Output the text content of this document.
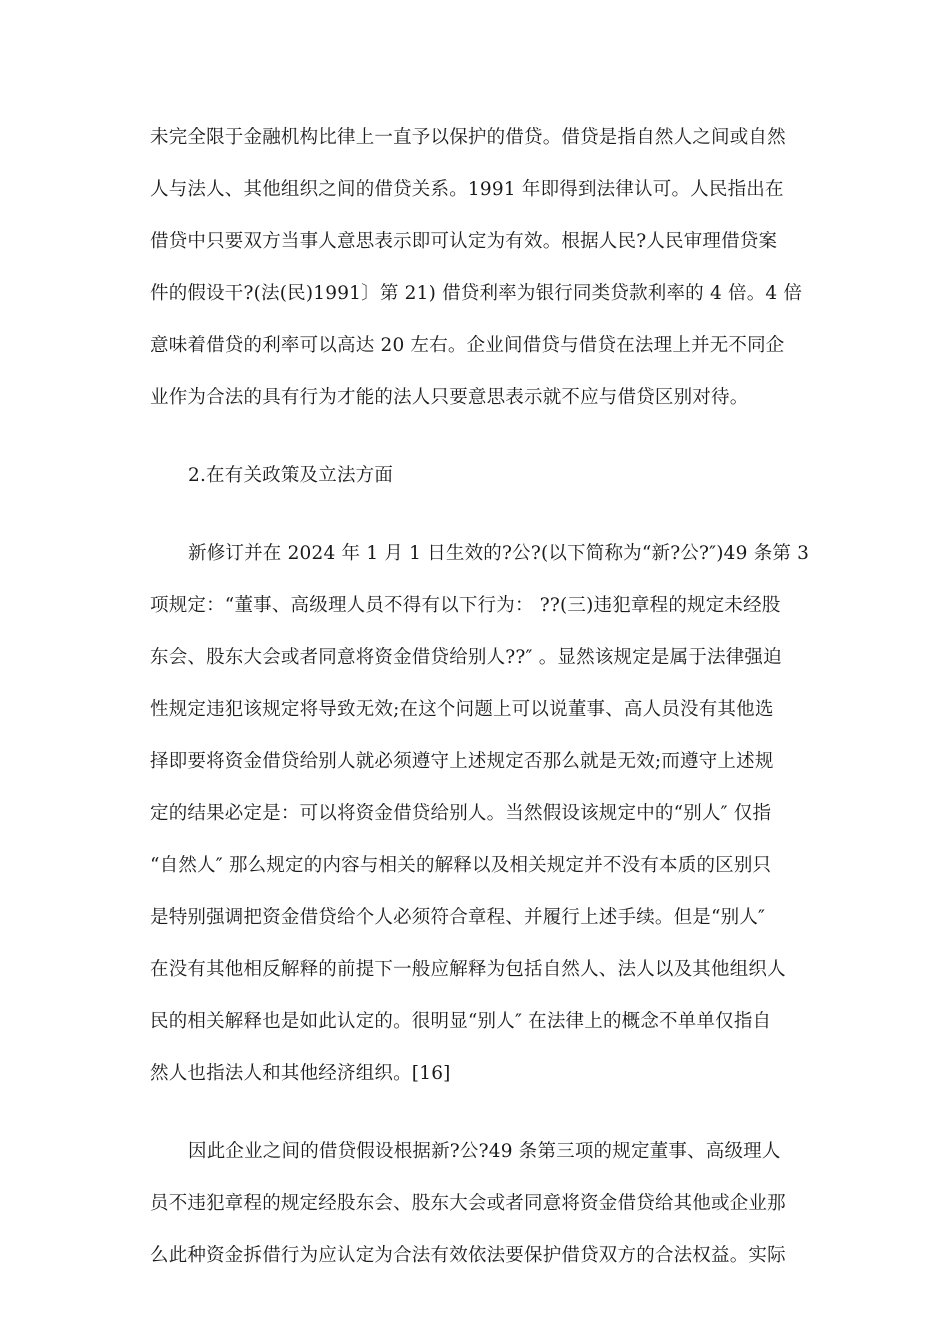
未完全限于金融机构比律上一直予以保护的借贷。借贷是指自然人之间或自然
人与法人、其他组织之间的借贷关系。1991 年即得到法律认可。人民指出在
借贷中只要双方当事人意思表示即可认定为有效。根据人民?人民审理借贷案
件的假设干?(法(民)1991〕第 21) 借贷利率为银行同类贷款利率的 4 倍。4 倍
意味着借贷的利率可以高达 20 左右。企业间借贷与借贷在法理上并无不同企
业作为合法的具有行为才能的法人只要意思表示就不应与借贷区别对待。
2.在有关政策及立法方面
新修订并在 2024 年 1 月 1 日生效的?公?(以下简称为“新?公?″)49 条第 3
项规定：“董事、高级理人员不得有以下行为： ??(三)违犯章程的规定未经股
东会、股东大会或者同意将资金借贷给别人??″ 。显然该规定是属于法律强迫
性规定违犯该规定将导致无效;在这个问题上可以说董事、高人员没有其他选
择即要将资金借贷给别人就必须遵守上述规定否那么就是无效;而遵守上述规
定的结果必定是：可以将资金借贷给别人。当然假设该规定中的“别人″ 仅指
“自然人″ 那么规定的内容与相关的解释以及相关规定并不没有本质的区别只
是特别强调把资金借贷给个人必须符合章程、并履行上述手续。但是“别人″
在没有其他相反解释的前提下一般应解释为包括自然人、法人以及其他组织人
民的相关解释也是如此认定的。很明显“别人″ 在法律上的概念不单单仅指自
然人也指法人和其他经济组织。[16]
因此企业之间的借贷假设根据新?公?49 条第三项的规定董事、高级理人
员不违犯章程的规定经股东会、股东大会或者同意将资金借贷给其他或企业那
么此种资金拆借行为应认定为合法有效依法要保护借贷双方的合法权益。实际
